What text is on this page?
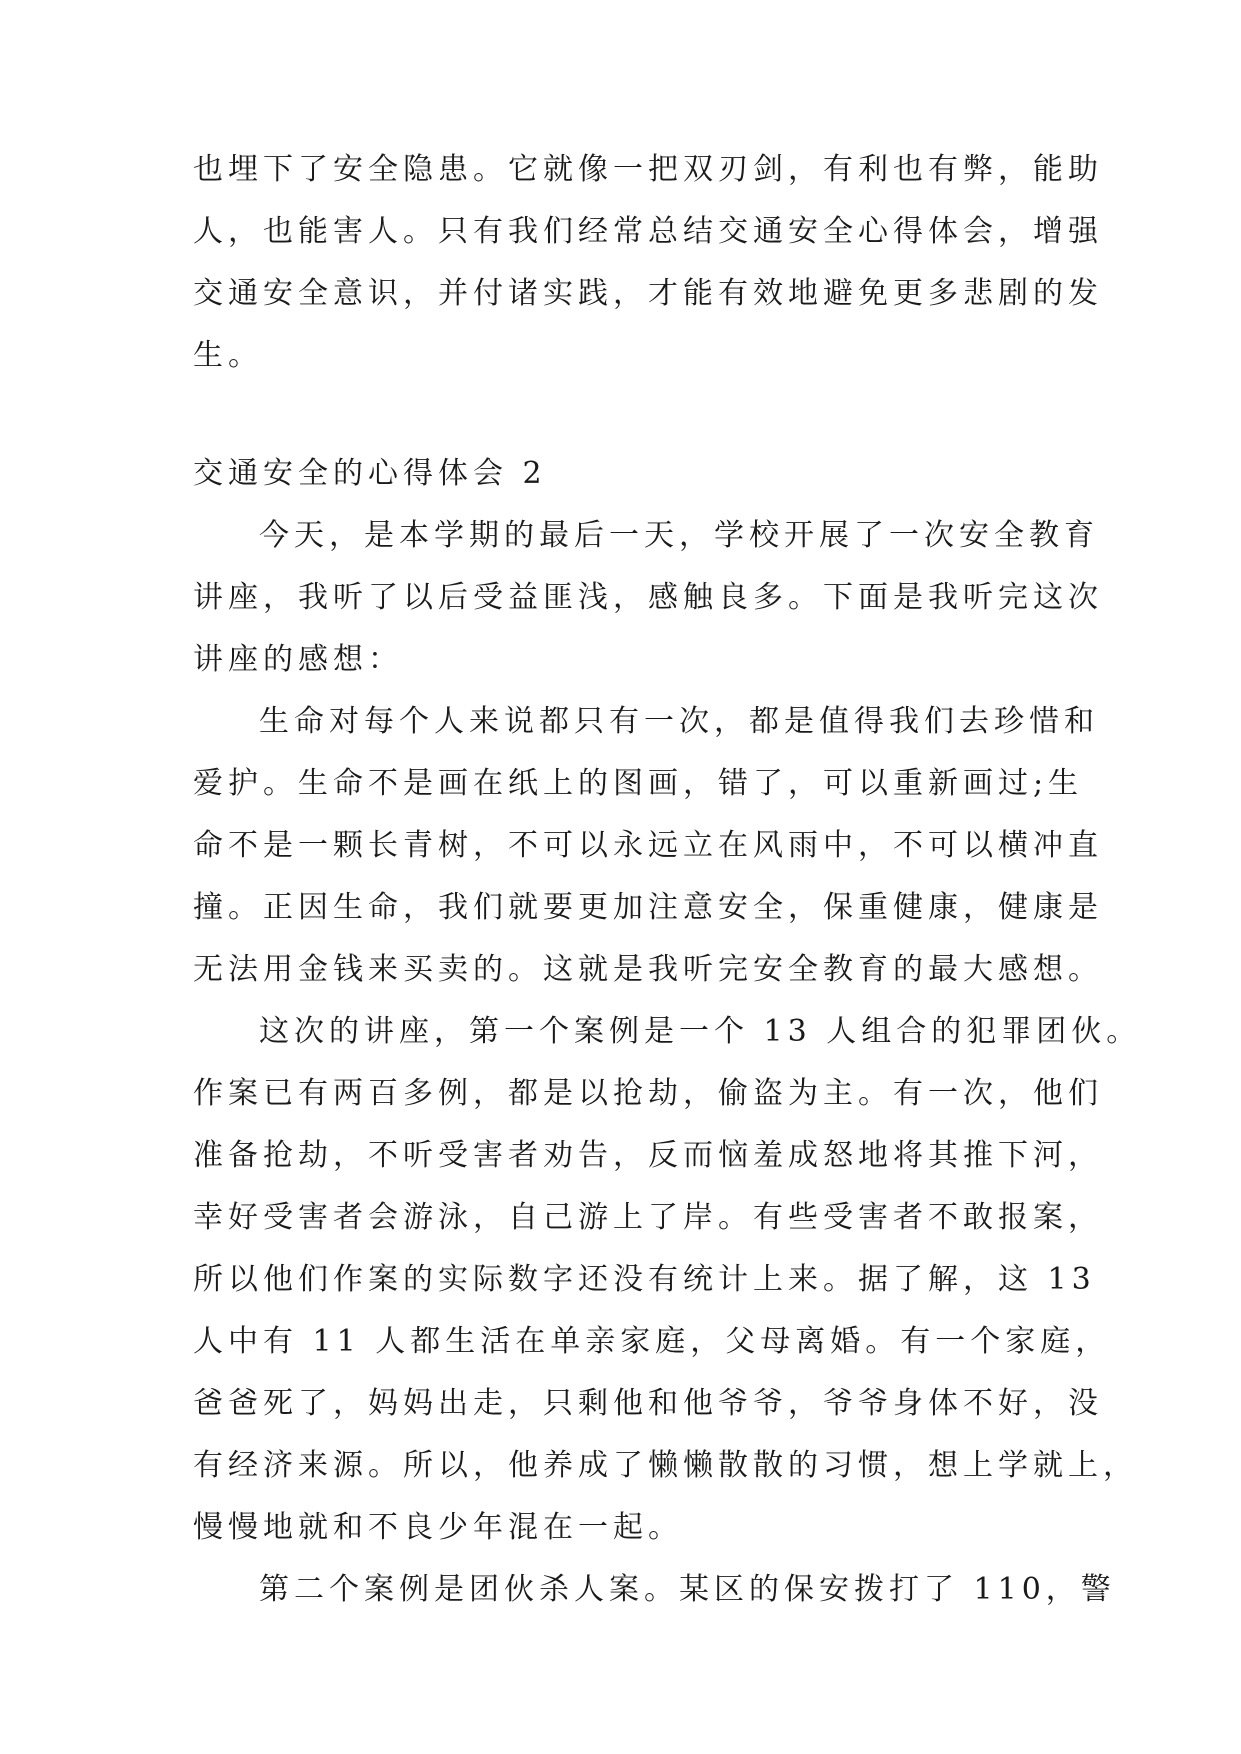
也埋下了安全隐患。它就像一把双刃剑，有利也有弊，能助
人，也能害人。只有我们经常总结交通安全心得体会，增强
交通安全意识，并付诸实践，才能有效地避免更多悲剧的发
生。
交通安全的心得体会 2
今天，是本学期的最后一天，学校开展了一次安全教育
讲座，我听了以后受益匪浅，感触良多。下面是我听完这次
讲座的感想：
生命对每个人来说都只有一次，都是值得我们去珍惜和
爱护。生命不是画在纸上的图画，错了，可以重新画过;生
命不是一颗长青树，不可以永远立在风雨中，不可以横冲直
撞。正因生命，我们就要更加注意安全，保重健康，健康是
无法用金钱来买卖的。这就是我听完安全教育的最大感想。
这次的讲座，第一个案例是一个 13 人组合的犯罪团伙。
作案已有两百多例，都是以抢劫，偷盗为主。有一次，他们
准备抢劫，不听受害者劝告，反而恼羞成怒地将其推下河，
幸好受害者会游泳，自己游上了岸。有些受害者不敢报案，
所以他们作案的实际数字还没有统计上来。据了解，这 13
人中有 11 人都生活在单亲家庭，父母离婚。有一个家庭，
爸爸死了，妈妈出走，只剩他和他爷爷，爷爷身体不好，没
有经济来源。所以，他养成了懒懒散散的习惯，想上学就上，
慢慢地就和不良少年混在一起。
第二个案例是团伙杀人案。某区的保安拨打了 110，警
